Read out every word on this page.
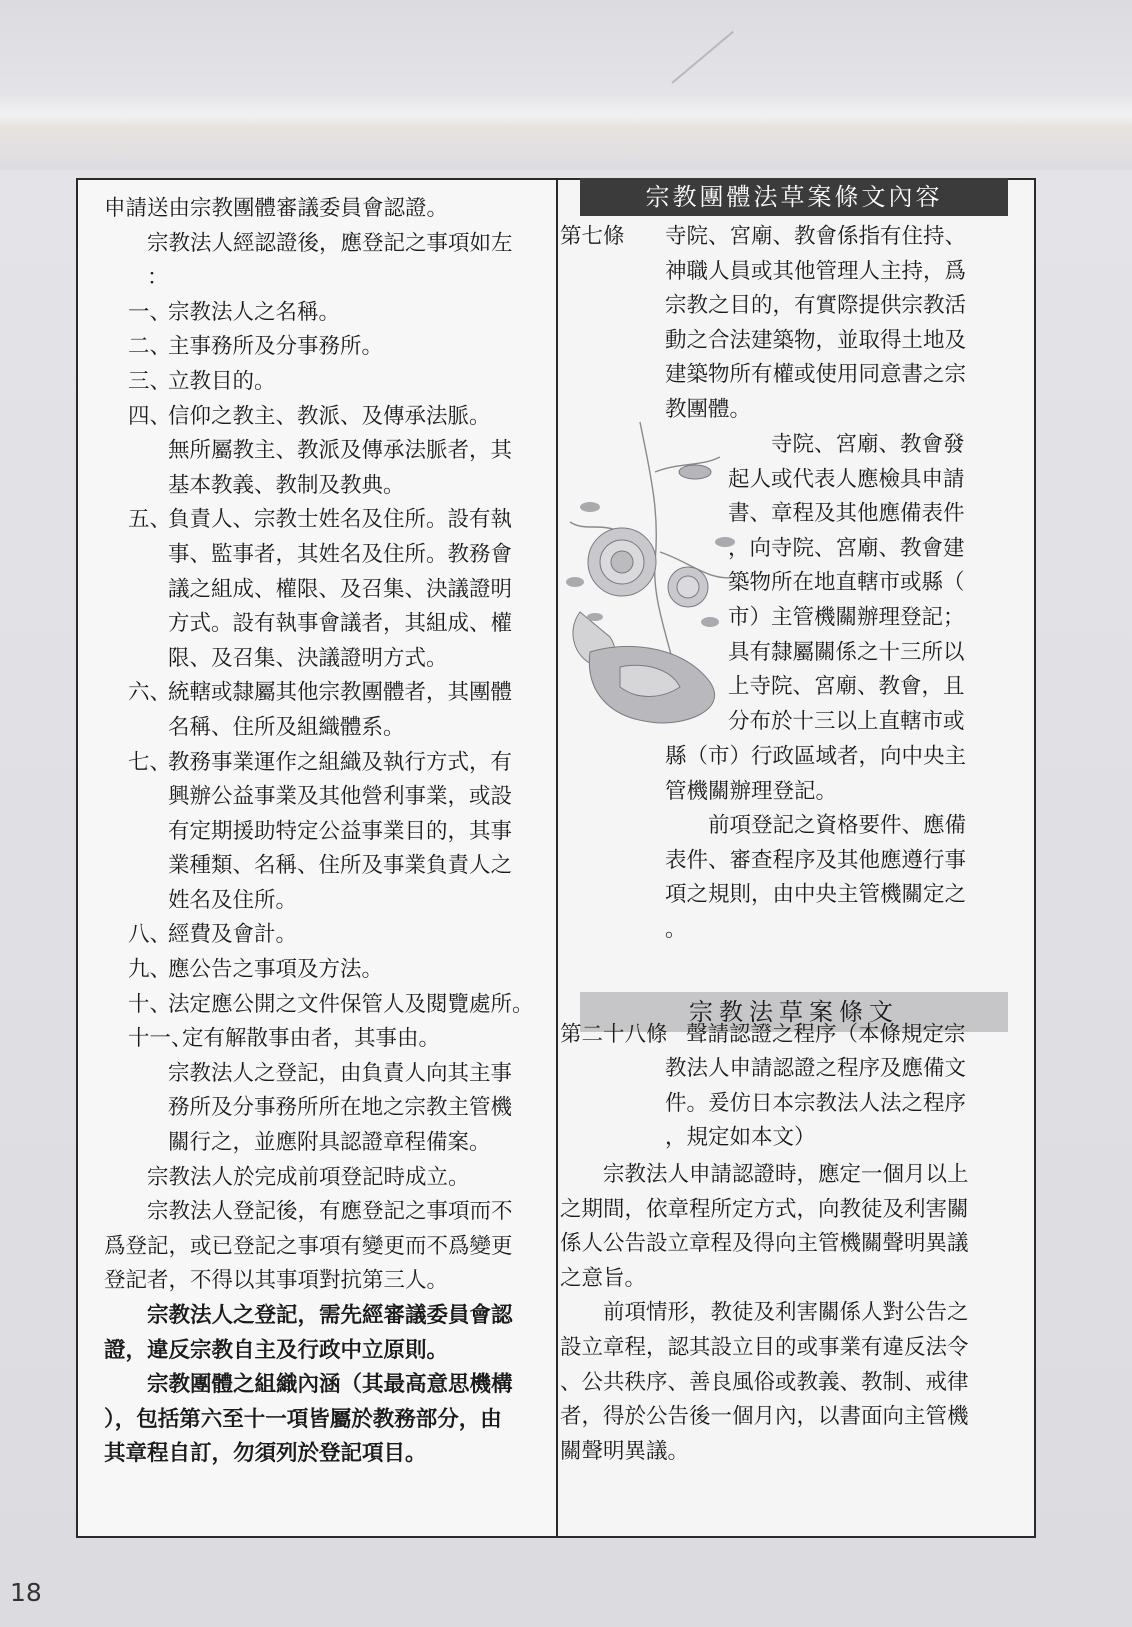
申請送由宗教團體審議委員會認證。
宗教法人經認證後，應登記之事項如左
：
一、
宗教法人之名稱。
二、
主事務所及分事務所。
三、
立教目的。
四、
信仰之教主、教派、及傳承法脈。
無所屬教主、教派及傳承法脈者，其
基本教義、教制及教典。
五、
負責人、宗教士姓名及住所。設有執
事、監事者，其姓名及住所。教務會
議之組成、權限、及召集、決議證明
方式。設有執事會議者，其組成、權
限、及召集、決議證明方式。
六、
統轄或隸屬其他宗教團體者，其團體
名稱、住所及組織體系。
七、
教務事業運作之組織及執行方式，有
興辦公益事業及其他營利事業，或設
有定期援助特定公益事業目的，其事
業種類、名稱、住所及事業負責人之
姓名及住所。
八、
經費及會計。
九、
應公告之事項及方法。
十、
法定應公開之文件保管人及閱覽處所。
十一、
定有解散事由者，其事由。
宗教法人之登記，由負責人向其主事
務所及分事務所所在地之宗教主管機
關行之，並應附具認證章程備案。
宗教法人於完成前項登記時成立。
宗教法人登記後，有應登記之事項而不
爲登記，或已登記之事項有變更而不爲變更
登記者，不得以其事項對抗第三人。
宗教法人之登記，需先經審議委員會認
證，違反宗教自主及行政中立原則。
宗教團體之組織內涵（其最高意思機構
），包括第六至十一項皆屬於教務部分，由
其章程自訂，勿須列於登記項目。
宗教團體法草案條文內容
第七條 寺院、宮廟、教會係指有住持、
神職人員或其他管理人主持，爲
宗教之目的，有實際提供宗教活
動之合法建築物，並取得土地及
建築物所有權或使用同意書之宗
教團體。
寺院、宮廟、教會發
起人或代表人應檢具申請
書、章程及其他應備表件
，向寺院、宮廟、教會建
築物所在地直轄市或縣（
市）主管機關辦理登記；
具有隸屬關係之十三所以
上寺院、宮廟、教會，且
分布於十三以上直轄市或
縣（市）行政區域者，向中央主
管機關辦理登記。
前項登記之資格要件、應備
表件、審查程序及其他應遵行事
項之規則，由中央主管機關定之
。
宗教法草案條文
第二十八條 聲請認證之程序（本條規定宗
教法人申請認證之程序及應備文
件。爰仿日本宗教法人法之程序
，規定如本文）
宗教法人申請認證時，應定一個月以上
之期間，依章程所定方式，向教徒及利害關
係人公告設立章程及得向主管機關聲明異議
之意旨。
前項情形，教徒及利害關係人對公告之
設立章程，認其設立目的或事業有違反法令
、公共秩序、善良風俗或教義、教制、戒律
者，得於公告後一個月內，以書面向主管機
關聲明異議。
18
